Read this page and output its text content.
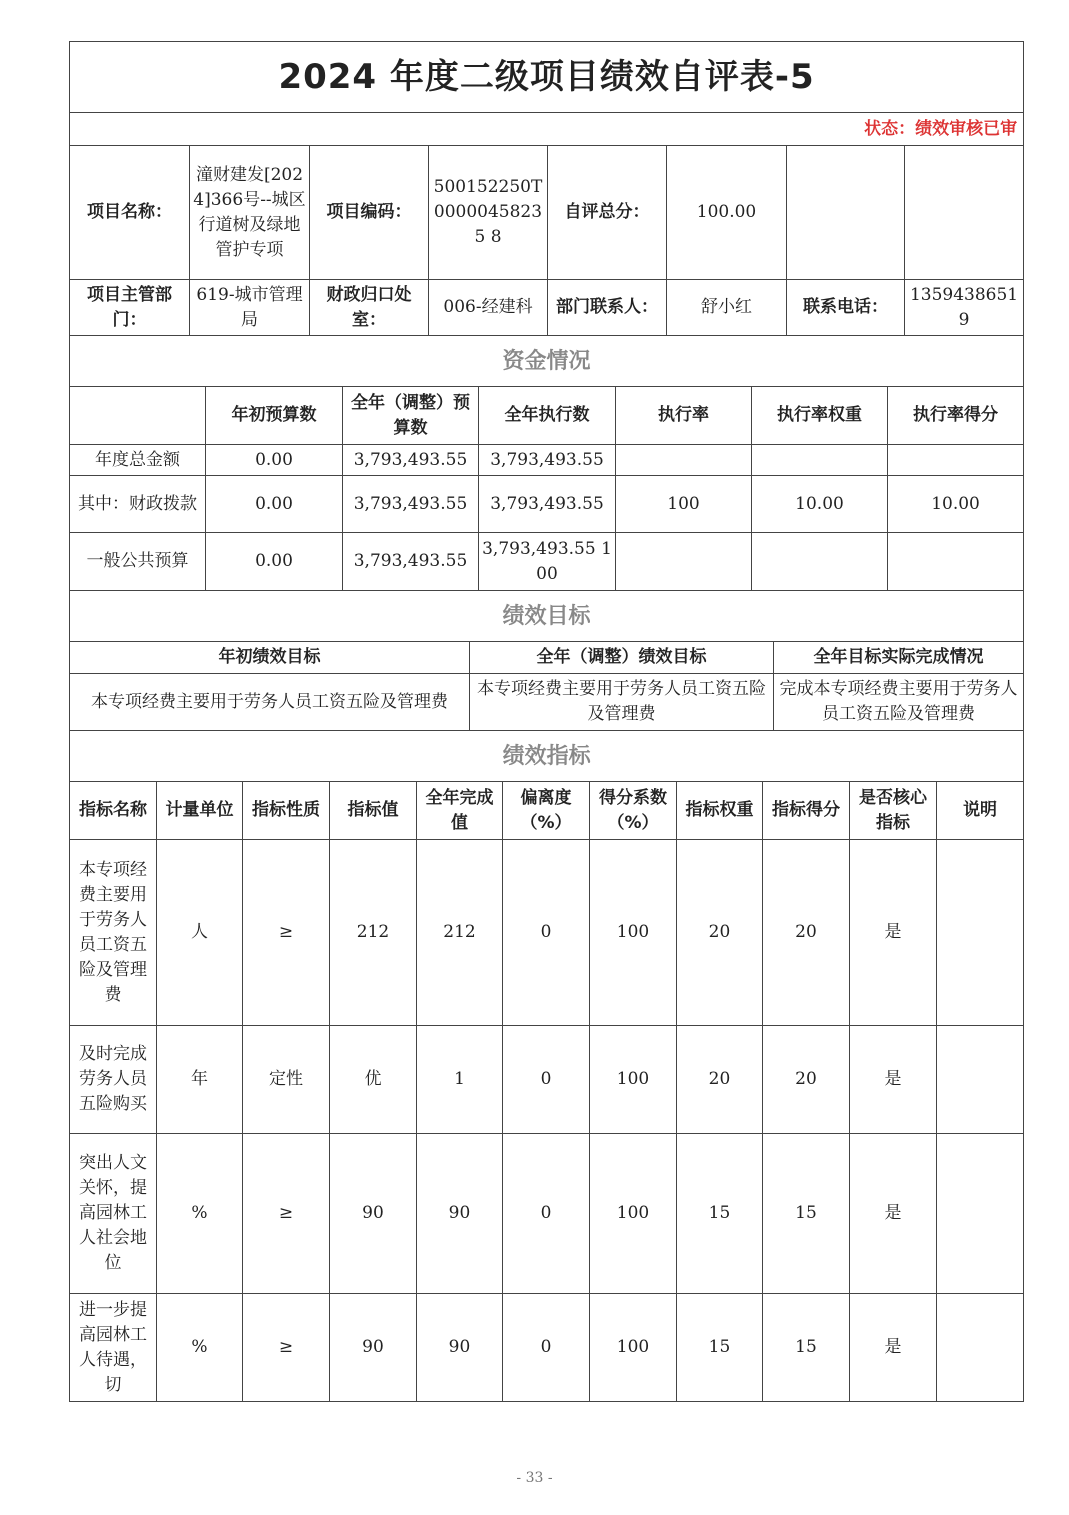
2024 年度二级项目绩效自评表-5							
状态：绩效审核已审							
项目名称：	潼财建发[2024]366号--城区行道树及绿地管护专项	项目编码：	500152250T00000458235 8	自评总分：	100.00		
项目主管部门：	619-城市管理局	财政归口处室：	006-经建科	部门联系人：	舒小红	联系电话：	13594386519
资金情况						
	年初预算数	全年（调整）预算数	全年执行数	执行率	执行率权重	执行率得分
年度总金额	0.00	3,793,493.55	3,793,493.55			
其中：财政拨款	0.00	3,793,493.55	3,793,493.55	100	10.00	10.00
一般公共预算	0.00	3,793,493.55	3,793,493.55 100			
绩效目标		
年初绩效目标	全年（调整）绩效目标	全年目标实际完成情况
本专项经费主要用于劳务人员工资五险及管理费	本专项经费主要用于劳务人员工资五险及管理费	完成本专项经费主要用于劳务人员工资五险及管理费
绩效指标										
指标名称	计量单位	指标性质	指标值	全年完成值	偏离度（%）	得分系数（%）	指标权重	指标得分	是否核心指标	说明
本专项经费主要用于劳务人员工资五险及管理费	人	≥	212	212	0	100	20	20	是	
及时完成劳务人员五险购买	年	定性	优	1	0	100	20	20	是	
突出人文关怀，提高园林工人社会地位	%	≥	90	90	0	100	15	15	是	
进一步提高园林工人待遇，切	%	≥	90	90	0	100	15	15	是	
- 33 -
